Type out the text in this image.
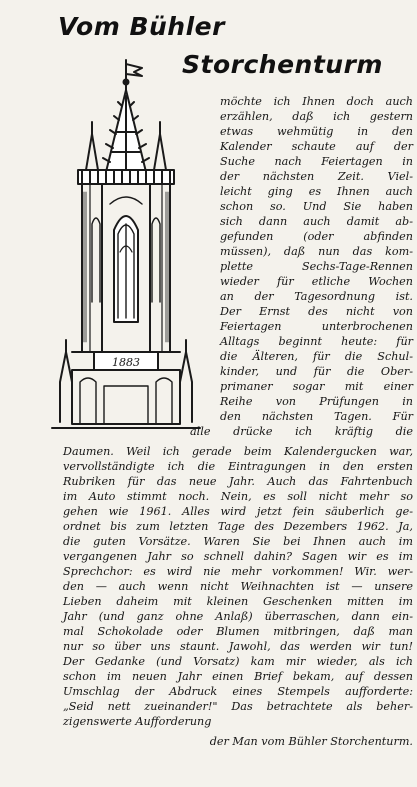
Vom Bühler
Storchenturm
1883
möchte ich Ihnen doch auch
erzählen, daß ich gestern
etwas wehmütig in den
Kalender schaute auf der
Suche nach Feiertagen in
der nächsten Zeit. Viel-
leicht ging es Ihnen auch
schon so. Und Sie haben
sich dann auch damit ab-
gefunden (oder abfinden
müssen), daß nun das kom-
plette Sechs-Tage-Rennen
wieder für etliche Wochen
an der Tagesordnung ist.
Der Ernst des nicht von
Feiertagen unterbrochenen
Alltags beginnt heute: für
die Älteren, für die Schul-
kinder, und für die Ober-
primaner sogar mit einer
Reihe von Prüfungen in
den nächsten Tagen. Für
alle drücke ich kräftig die
Daumen. Weil ich gerade beim Kalendergucken war,
vervollständigte ich die Eintragungen in den ersten
Rubriken für das neue Jahr. Auch das Fahrtenbuch
im Auto stimmt noch. Nein, es soll nicht mehr so
gehen wie 1961. Alles wird jetzt fein säuberlich ge-
ordnet bis zum letzten Tage des Dezembers 1962. Ja,
die guten Vorsätze. Waren Sie bei Ihnen auch im
vergangenen Jahr so schnell dahin? Sagen wir es im
Sprechchor: es wird nie mehr vorkommen! Wir. wer-
den — auch wenn nicht Weihnachten ist — unsere
Lieben daheim mit kleinen Geschenken mitten im
Jahr (und ganz ohne Anlaß) überraschen, dann ein-
mal Schokolade oder Blumen mitbringen, daß man
nur so über uns staunt. Jawohl, das werden wir tun!
Der Gedanke (und Vorsatz) kam mir wieder, als ich
schon im neuen Jahr einen Brief bekam, auf dessen
Umschlag der Abdruck eines Stempels aufforderte:
„Seid nett zueinander!" Das betrachtete als beher-
zigenswerte Aufforderung
der Man vom Bühler Storchenturm.
